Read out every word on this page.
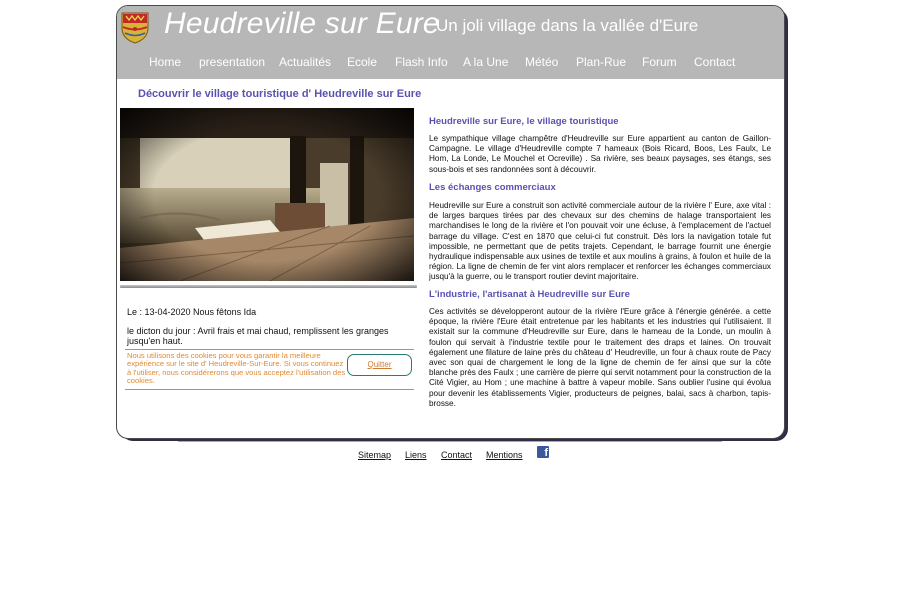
Heudreville sur Eure
Un joli village dans la vallée d'Eure
Home presentation Actualités Ecole Flash Info A la Une Météo Plan-Rue Forum Contact
Découvrir le village touristique d' Heudreville sur Eure
Le : 13-04-2020 Nous fêtons Ida
le dicton du jour : Avril frais et mai chaud, remplissent les granges jusqu'en haut.
Nous utilisons des cookies pour vous garantir la meilleure expérience sur le site d' Heudreville-Sur-Eure. Si vous continuez à l'utiliser, nous considérerons que vous acceptez l'utilisation des cookies.
Quitter

Heudreville sur Eure, le village touristique

Le sympathique village champêtre d'Heudreville sur Eure appartient au canton de Gaillon-Campagne. Le village d'Heudreville compte 7 hameaux (Bois Ricard, Boos, Les Faulx, Le Hom, La Londe, Le Mouchel et Ocreville) . Sa rivière, ses beaux paysages, ses étangs, ses sous-bois et ses randonnées sont à découvrir.

Les échanges commerciaux

Heudreville sur Eure a construit son activité commerciale autour de la rivière l' Eure, axe vital : de larges barques tirées par des chevaux sur des chemins de halage transportaient les marchandises le long de la rivière et l'on pouvait voir une écluse, à l'emplacement de l'actuel barrage du village. C'est en 1870 que celui-ci fut construit. Dès lors la navigation totale fut impossible, ne permettant que de petits trajets. Cependant, le barrage fournit une énergie hydraulique indispensable aux usines de textile et aux moulins à grains, à foulon et huile de la région. La ligne de chemin de fer vint alors remplacer et renforcer les échanges commerciaux jusqu'à la guerre, ou le transport routier devint majoritaire.

L'industrie, l'artisanat à Heudreville sur Eure

Ces activités se développeront autour de la rivière l'Eure grâce à l'énergie générée. a cette époque, la rivière l'Eure était entretenue par les habitants et les industries qui l'utilisaient. Il existait sur la commune d'Heudreville sur Eure, dans le hameau de la Londe, un moulin à foulon qui servait à l'industrie textile pour le traitement des draps et laines. On trouvait également une filature de laine près du château d' Heudreville, un four à chaux route de Pacy avec son quai de chargement le long de la ligne de chemin de fer ainsi que sur la côte blanche près des Faulx ; une carrière de pierre qui servit notamment pour la construction de la Cité Vigier, au Hom ; une machine à battre à vapeur mobile. Sans oublier l'usine qui évolua pour devenir les établissements Vigier, producteurs de peignes, balai, sacs à charbon, tapis-brosse.

Sitemap Liens Contact Mentions f
